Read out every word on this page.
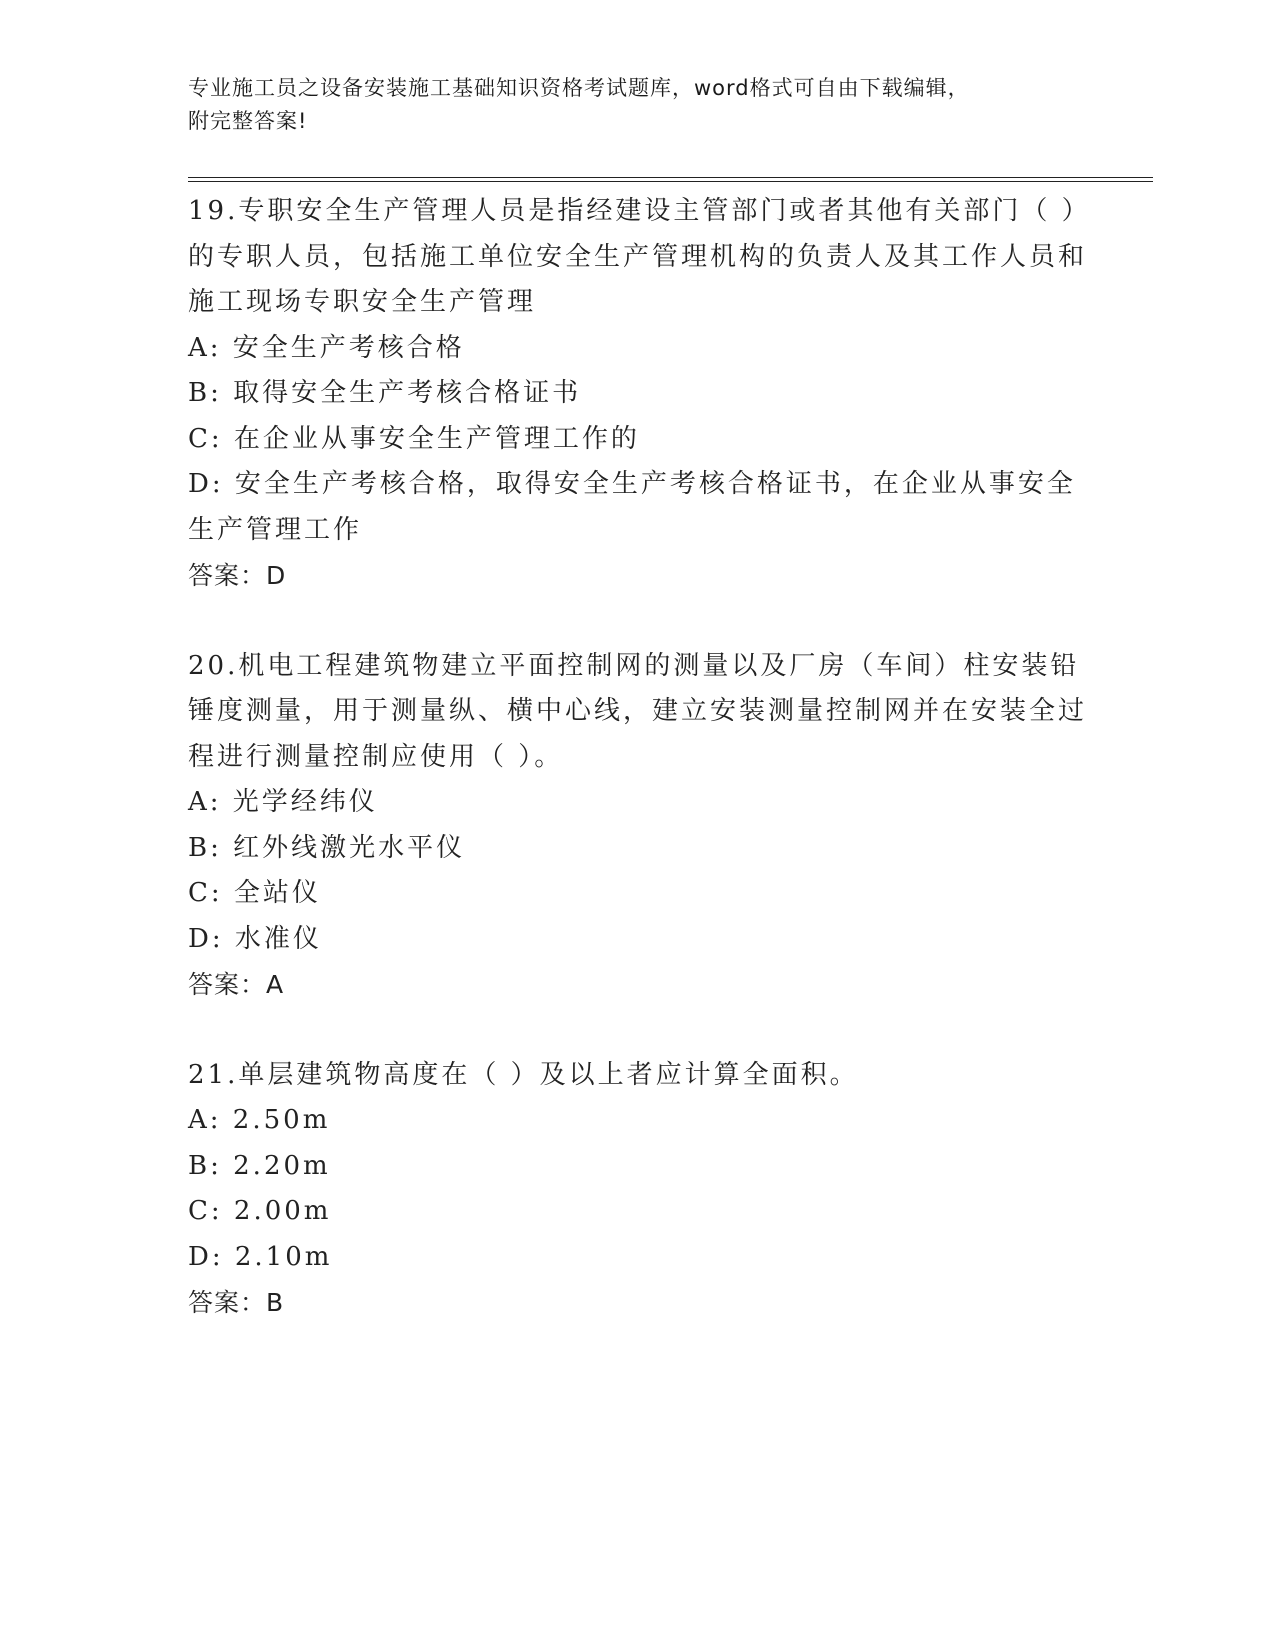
专业施工员之设备安装施工基础知识资格考试题库，word格式可自由下载编辑，
附完整答案!

19.专职安全生产管理人员是指经建设主管部门或者其他有关部门（ ）的专职人员，包括施工单位安全生产管理机构的负责人及其工作人员和施工现场专职安全生产管理

A: 安全生产考核合格

B: 取得安全生产考核合格证书

C: 在企业从事安全生产管理工作的

D: 安全生产考核合格，取得安全生产考核合格证书，在企业从事安全生产管理工作

答案：D

20.机电工程建筑物建立平面控制网的测量以及厂房（车间）柱安装铅锤度测量，用于测量纵、横中心线，建立安装测量控制网并在安装全过程进行测量控制应使用（ ）。

A: 光学经纬仪

B: 红外线激光水平仪

C: 全站仪

D: 水准仪

答案：A

21.单层建筑物高度在（ ）及以上者应计算全面积。

A: 2.50m

B: 2.20m

C: 2.00m

D: 2.10m

答案：B
